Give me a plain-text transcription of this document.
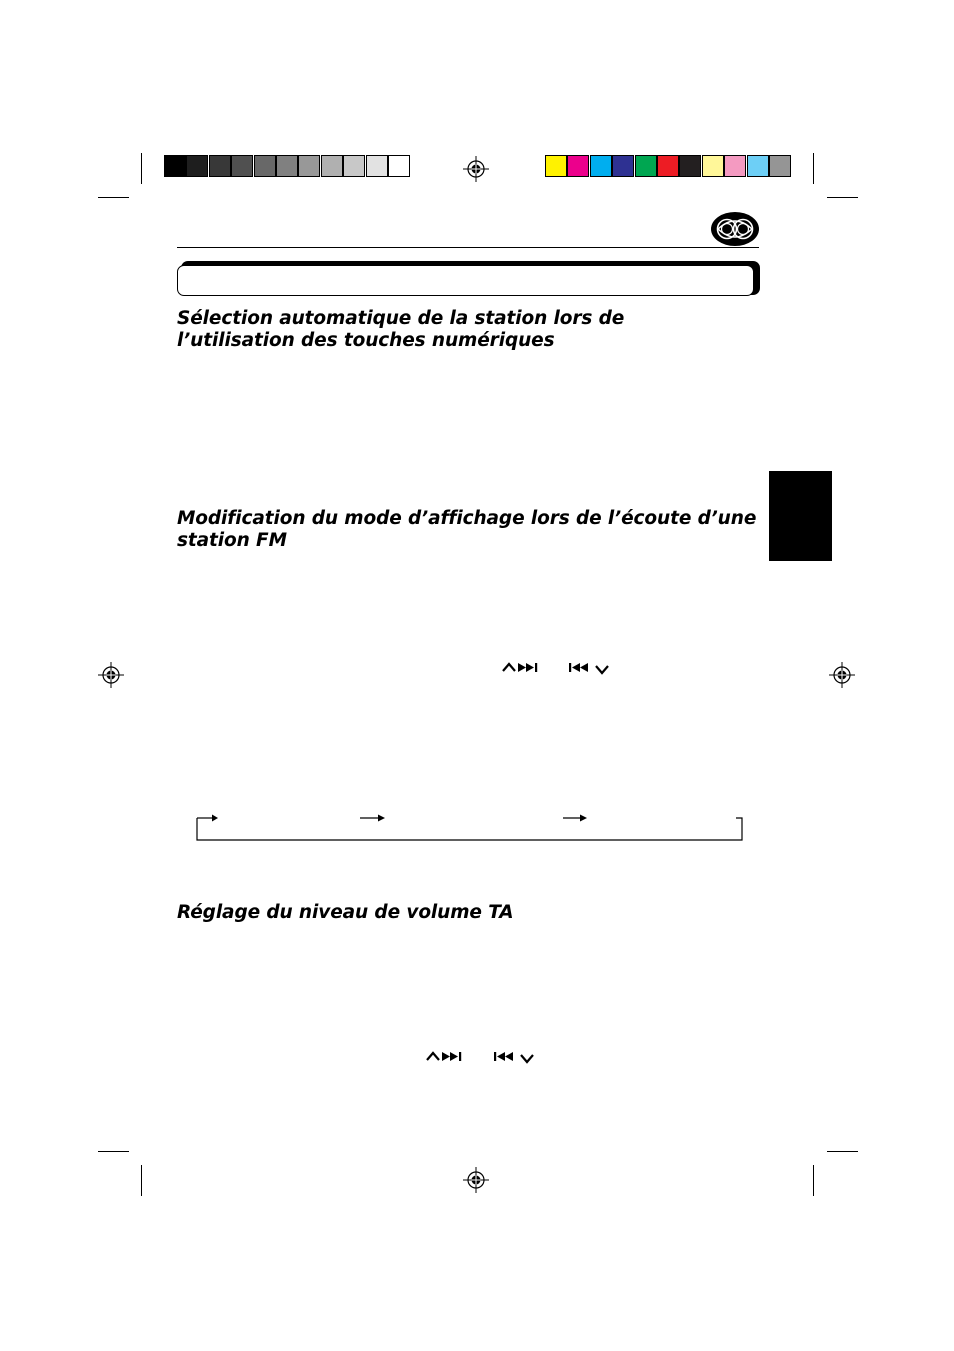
Sélection automatique de la station lors de l’utilisation des touches numériques
Modification du mode d’affichage lors de l’écoute d’une station FM
Réglage du niveau de volume TA
